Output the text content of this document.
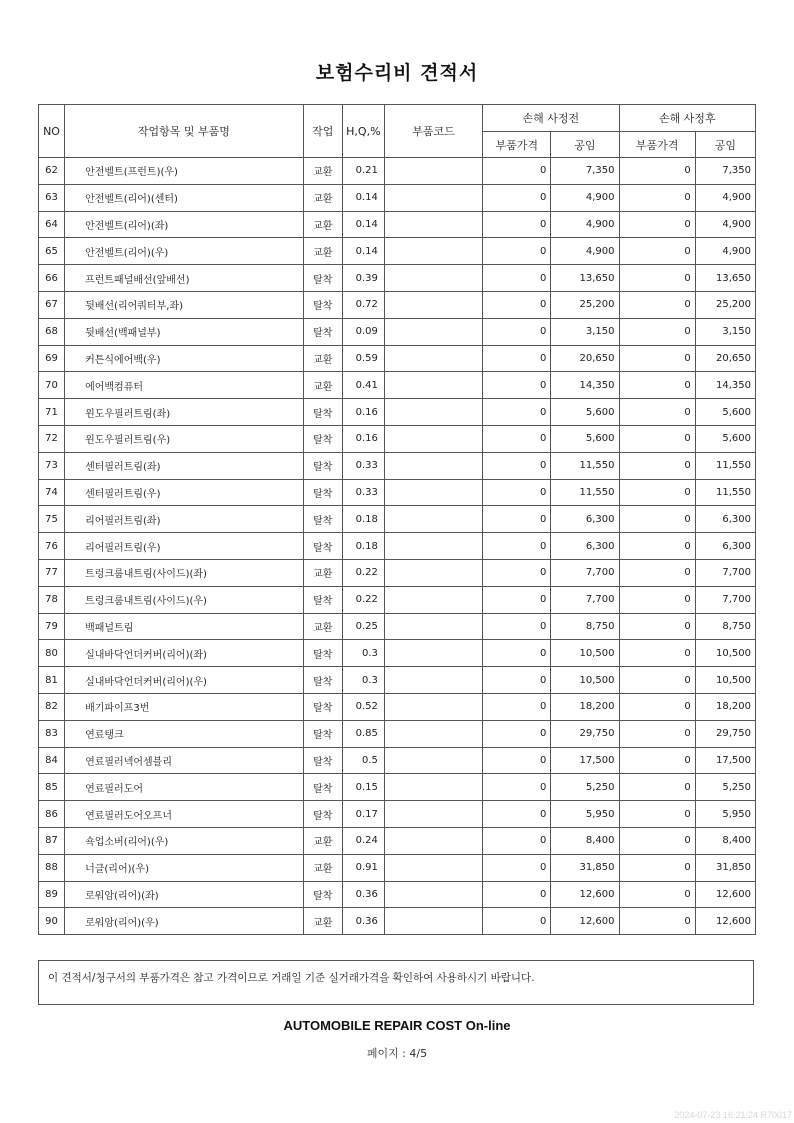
보험수리비 견적서
NO	작업항목 및 부품명	작업	H,Q,%	부품코드	손해 사정전		손해 사정후	
					부품가격	공임	부품가격	공임
62	안전벨트(프런트)(우)	교환	0.21		0	7,350	0	7,350
63	안전벨트(리어)(센터)	교환	0.14		0	4,900	0	4,900
64	안전벨트(리어)(좌)	교환	0.14		0	4,900	0	4,900
65	안전벨트(리어)(우)	교환	0.14		0	4,900	0	4,900
66	프런트패널배선(앞배선)	탈착	0.39		0	13,650	0	13,650
67	뒷배선(리어쿼터부,좌)	탈착	0.72		0	25,200	0	25,200
68	뒷배선(백패널부)	탈착	0.09		0	3,150	0	3,150
69	커튼식에어백(우)	교환	0.59		0	20,650	0	20,650
70	에어백컴퓨터	교환	0.41		0	14,350	0	14,350
71	윈도우필러트림(좌)	탈착	0.16		0	5,600	0	5,600
72	윈도우필러트림(우)	탈착	0.16		0	5,600	0	5,600
73	센터필러트림(좌)	탈착	0.33		0	11,550	0	11,550
74	센터필러트림(우)	탈착	0.33		0	11,550	0	11,550
75	리어필러트림(좌)	탈착	0.18		0	6,300	0	6,300
76	리어필러트림(우)	탈착	0.18		0	6,300	0	6,300
77	트렁크룸내트림(사이드)(좌)	교환	0.22		0	7,700	0	7,700
78	트렁크룸내트림(사이드)(우)	탈착	0.22		0	7,700	0	7,700
79	백패널트림	교환	0.25		0	8,750	0	8,750
80	실내바닥언더커버(리어)(좌)	탈착	0.3		0	10,500	0	10,500
81	실내바닥언더커버(리어)(우)	탈착	0.3		0	10,500	0	10,500
82	배기파이프3번	탈착	0.52		0	18,200	0	18,200
83	연료탱크	탈착	0.85		0	29,750	0	29,750
84	연료필러넥어셈블리	탈착	0.5		0	17,500	0	17,500
85	연료필러도어	탈착	0.15		0	5,250	0	5,250
86	연료필러도어오프너	탈착	0.17		0	5,950	0	5,950
87	쇽업소버(리어)(우)	교환	0.24		0	8,400	0	8,400
88	너클(리어)(우)	교환	0.91		0	31,850	0	31,850
89	로워암(리어)(좌)	탈착	0.36		0	12,600	0	12,600
90	로워암(리어)(우)	교환	0.36		0	12,600	0	12,600
이 견적서/청구서의 부품가격은 참고 가격이므로 거래일 기준 실거래가격을 확인하여 사용하시기 바랍니다.
AUTOMOBILE REPAIR COST On-line
페이지 : 4/5
2024-07-23 16:21:24 R70017
